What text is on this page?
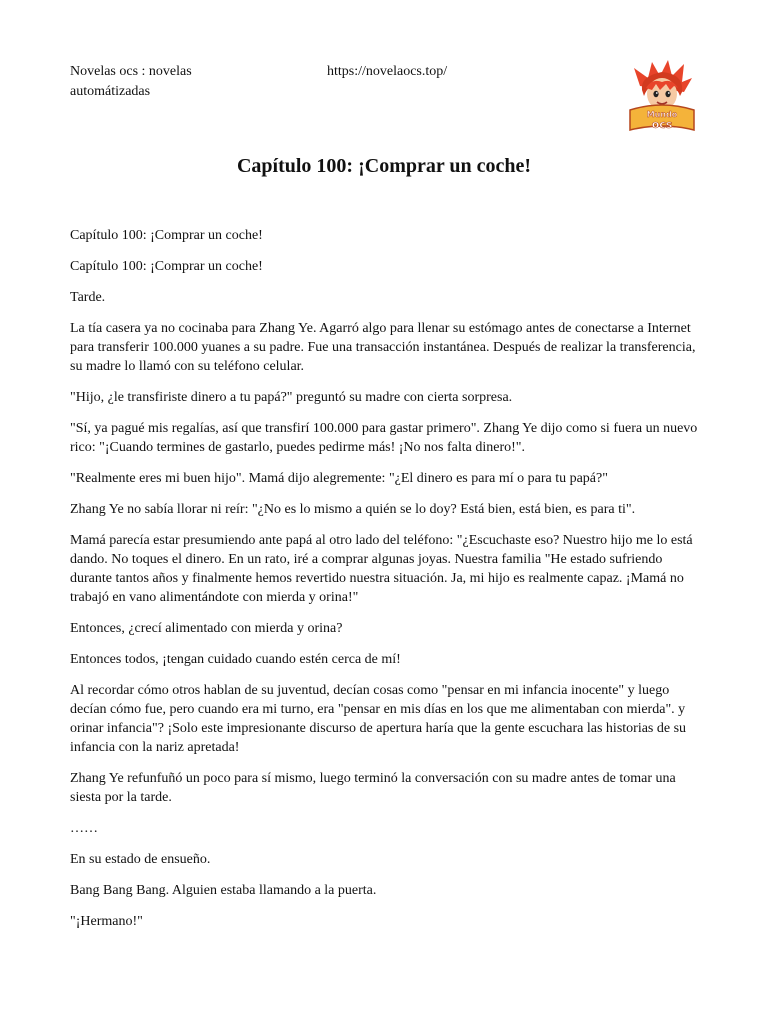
Novelas ocs : novelas automátizadas
https://novelaocs.top/
Mundo
ocs
Capítulo 100: ¡Comprar un coche!

Capítulo 100: ¡Comprar un coche!

Capítulo 100: ¡Comprar un coche!

Tarde.

La tía casera ya no cocinaba para Zhang Ye. Agarró algo para llenar su estómago antes de conectarse a Internet para transferir 100.000 yuanes a su padre. Fue una transacción instantánea. Después de realizar la transferencia, su madre lo llamó con su teléfono celular.

"Hijo, ¿le transfiriste dinero a tu papá?" preguntó su madre con cierta sorpresa.

"Sí, ya pagué mis regalías, así que transfirí 100.000 para gastar primero". Zhang Ye dijo como si fuera un nuevo rico: "¡Cuando termines de gastarlo, puedes pedirme más! ¡No nos falta dinero!".

"Realmente eres mi buen hijo". Mamá dijo alegremente: "¿El dinero es para mí o para tu papá?"

Zhang Ye no sabía llorar ni reír: "¿No es lo mismo a quién se lo doy? Está bien, está bien, es para ti".

Mamá parecía estar presumiendo ante papá al otro lado del teléfono: "¿Escuchaste eso? Nuestro hijo me lo está dando. No toques el dinero. En un rato, iré a comprar algunas joyas. Nuestra familia "He estado sufriendo durante tantos años y finalmente hemos revertido nuestra situación. Ja, mi hijo es realmente capaz. ¡Mamá no trabajó en vano alimentándote con mierda y orina!"

Entonces, ¿crecí alimentado con mierda y orina?

Entonces todos, ¡tengan cuidado cuando estén cerca de mí!

Al recordar cómo otros hablan de su juventud, decían cosas como "pensar en mi infancia inocente" y luego decían cómo fue, pero cuando era mi turno, era "pensar en mis días en los que me alimentaban con mierda". y orinar infancia"? ¡Solo este impresionante discurso de apertura haría que la gente escuchara las historias de su infancia con la nariz apretada!

Zhang Ye refunfuñó un poco para sí mismo, luego terminó la conversación con su madre antes de tomar una siesta por la tarde.

……

En su estado de ensueño.

Bang Bang Bang. Alguien estaba llamando a la puerta.

"¡Hermano!"
